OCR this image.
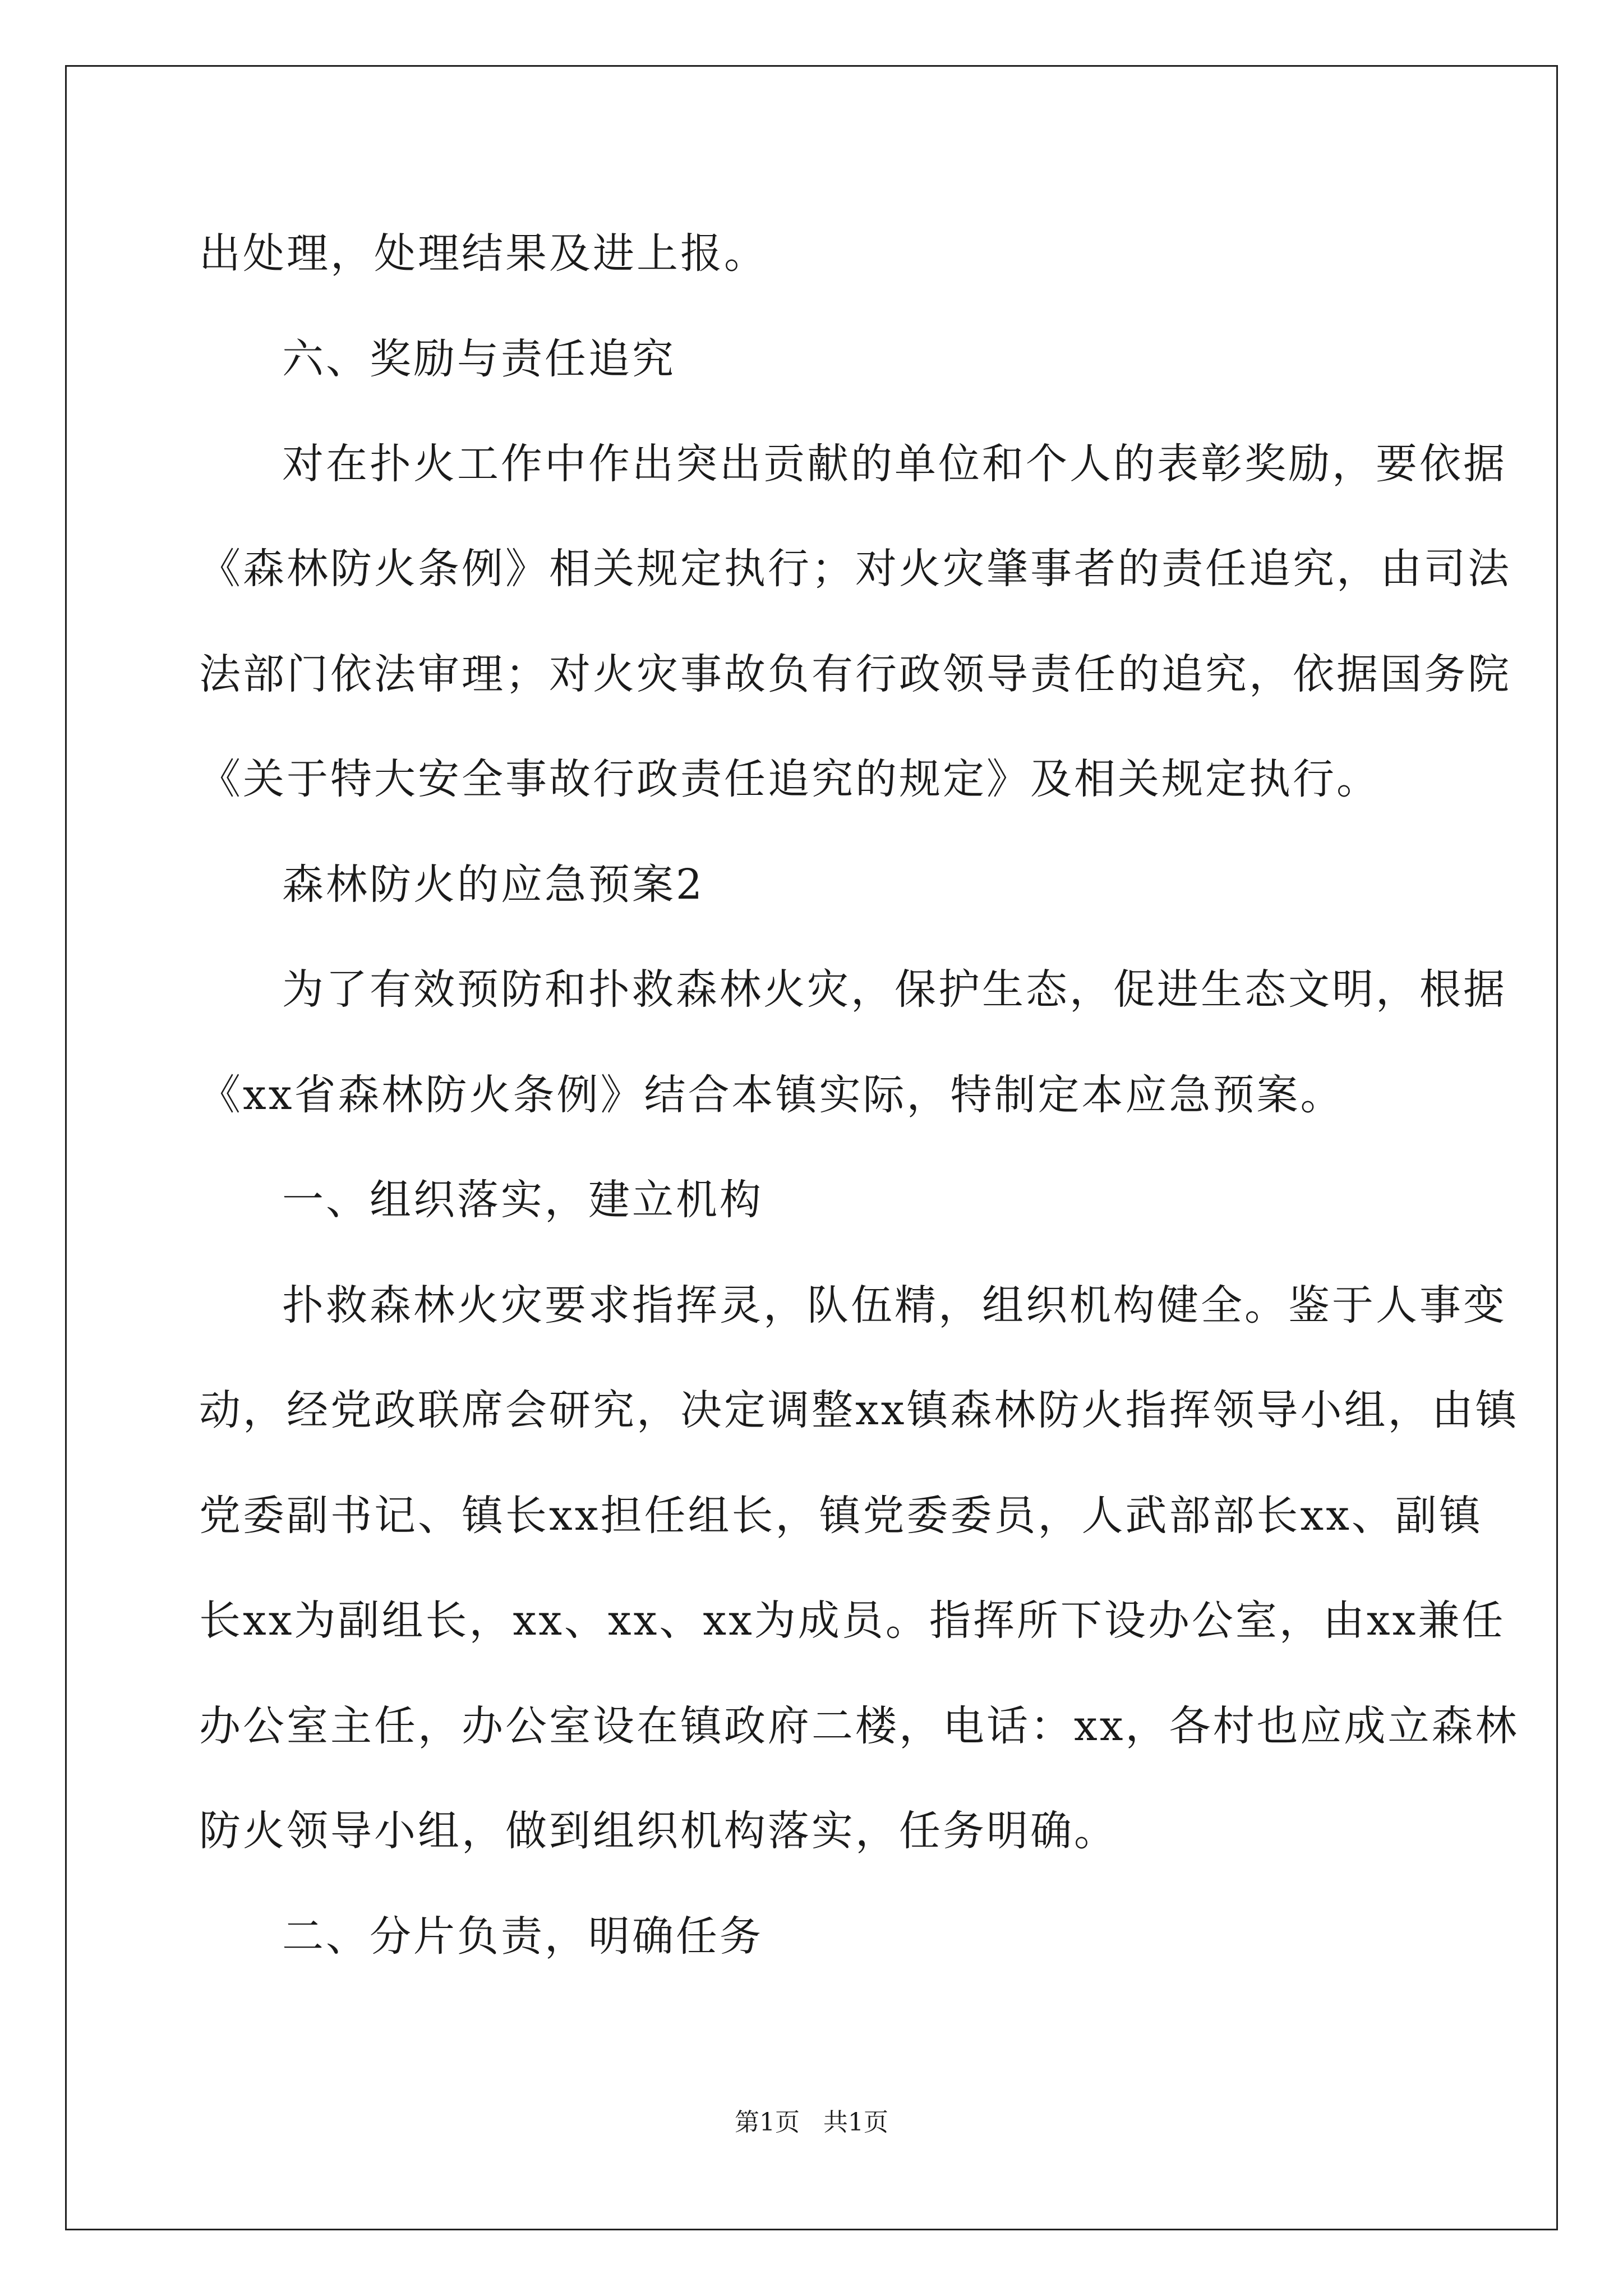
出处理，处理结果及进上报。
六、奖励与责任追究
对在扑火工作中作出突出贡献的单位和个人的表彰奖励，要依据
《森林防火条例》相关规定执行；对火灾肇事者的责任追究，由司法
法部门依法审理；对火灾事故负有行政领导责任的追究，依据国务院
《关于特大安全事故行政责任追究的规定》及相关规定执行。
森林防火的应急预案2
为了有效预防和扑救森林火灾，保护生态，促进生态文明，根据
《xx省森林防火条例》结合本镇实际，特制定本应急预案。
一、组织落实，建立机构
扑救森林火灾要求指挥灵，队伍精，组织机构健全。鉴于人事变
动，经党政联席会研究，决定调整xx镇森林防火指挥领导小组，由镇
党委副书记、镇长xx担任组长，镇党委委员，人武部部长xx、副镇
长xx为副组长，xx、xx、xx为成员。指挥所下设办公室，由xx兼任
办公室主任，办公室设在镇政府二楼，电话：xx，各村也应成立森林
防火领导小组，做到组织机构落实，任务明确。
二、分片负责，明确任务
第1页   共1页
